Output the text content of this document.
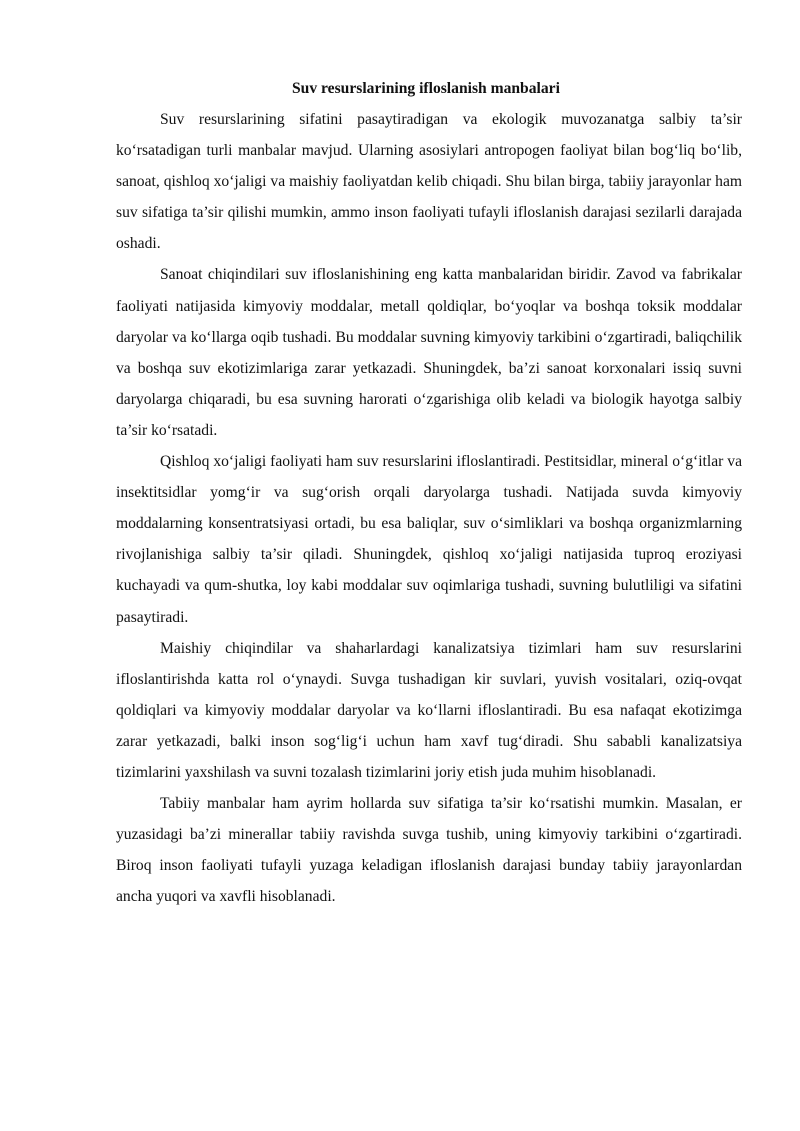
Suv resurslarining ifloslanish manbalari

Suv resurslarining sifatini pasaytiradigan va ekologik muvozanatga salbiy ta’sir ko‘rsatadigan turli manbalar mavjud. Ularning asosiylari antropogen faoliyat bilan bog‘liq bo‘lib, sanoat, qishloq xo‘jaligi va maishiy faoliyatdan kelib chiqadi. Shu bilan birga, tabiiy jarayonlar ham suv sifatiga ta’sir qilishi mumkin, ammo inson faoliyati tufayli ifloslanish darajasi sezilarli darajada oshadi.

Sanoat chiqindilari suv ifloslanishining eng katta manbalaridan biridir. Zavod va fabrikalar faoliyati natijasida kimyoviy moddalar, metall qoldiqlar, bo‘yoqlar va boshqa toksik moddalar daryolar va ko‘llarga oqib tushadi. Bu moddalar suvning kimyoviy tarkibini o‘zgartiradi, baliqchilik va boshqa suv ekotizimlariga zarar yetkazadi. Shuningdek, ba’zi sanoat korxonalari issiq suvni daryolarga chiqaradi, bu esa suvning harorati o‘zgarishiga olib keladi va biologik hayotga salbiy ta’sir ko‘rsatadi.

Qishloq xo‘jaligi faoliyati ham suv resurslarini ifloslantiradi. Pestitsidlar, mineral o‘g‘itlar va insektitsidlar yomg‘ir va sug‘orish orqali daryolarga tushadi. Natijada suvda kimyoviy moddalarning konsentratsiyasi ortadi, bu esa baliqlar, suv o‘simliklari va boshqa organizmlarning rivojlanishiga salbiy ta’sir qiladi. Shuningdek, qishloq xo‘jaligi natijasida tuproq eroziyasi kuchayadi va qum-shutka, loy kabi moddalar suv oqimlariga tushadi, suvning bulutliligi va sifatini pasaytiradi.

Maishiy chiqindilar va shaharlardagi kanalizatsiya tizimlari ham suv resurslarini ifloslantirishda katta rol o‘ynaydi. Suvga tushadigan kir suvlari, yuvish vositalari, oziq-ovqat qoldiqlari va kimyoviy moddalar daryolar va ko‘llarni ifloslantiradi. Bu esa nafaqat ekotizimga zarar yetkazadi, balki inson sog‘lig‘i uchun ham xavf tug‘diradi. Shu sababli kanalizatsiya tizimlarini yaxshilash va suvni tozalash tizimlarini joriy etish juda muhim hisoblanadi.

Tabiiy manbalar ham ayrim hollarda suv sifatiga ta’sir ko‘rsatishi mumkin. Masalan, er yuzasidagi ba’zi minerallar tabiiy ravishda suvga tushib, uning kimyoviy tarkibini o‘zgartiradi. Biroq inson faoliyati tufayli yuzaga keladigan ifloslanish darajasi bunday tabiiy jarayonlardan ancha yuqori va xavfli hisoblanadi.
